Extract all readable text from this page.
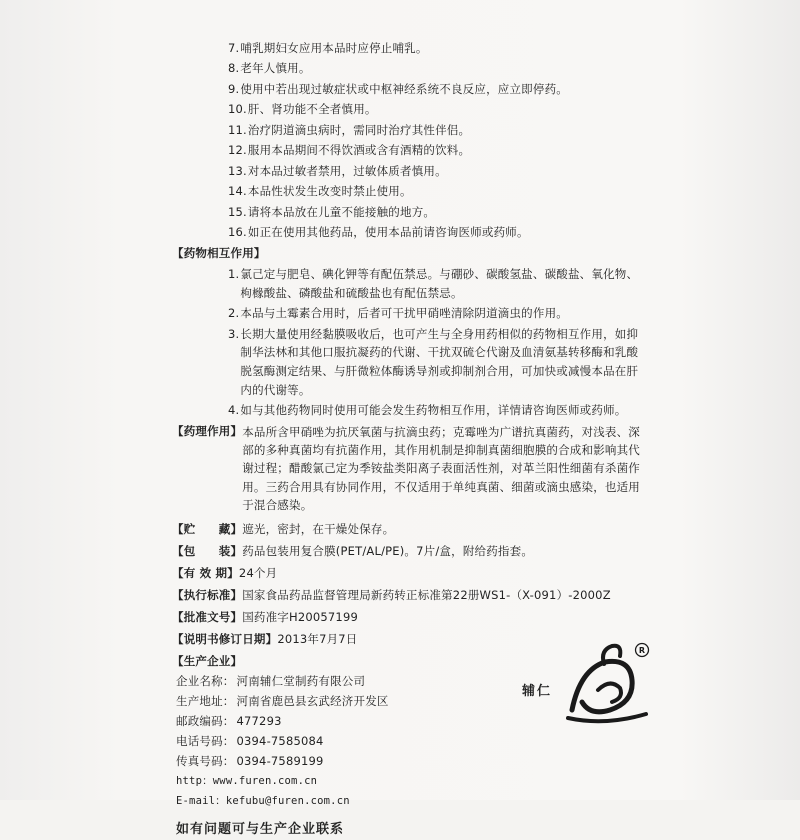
7. 哺乳期妇女应用本品时应停止哺乳。
8. 老年人慎用。
9. 使用中若出现过敏症状或中枢神经系统不良反应，应立即停药。
10. 肝、肾功能不全者慎用。
11. 治疗阴道滴虫病时，需同时治疗其性伴侣。
12. 服用本品期间不得饮酒或含有酒精的饮料。
13. 对本品过敏者禁用，过敏体质者慎用。
14. 本品性状发生改变时禁止使用。
15. 请将本品放在儿童不能接触的地方。
16. 如正在使用其他药品，使用本品前请咨询医师或药师。
【药物相互作用】
1. 氯己定与肥皂、碘化钾等有配伍禁忌。与硼砂、碳酸氢盐、碳酸盐、氧化物、枸橼酸盐、磷酸盐和硫酸盐也有配伍禁忌。
2. 本品与土霉素合用时，后者可干扰甲硝唑清除阴道滴虫的作用。
3. 长期大量使用经黏膜吸收后，也可产生与全身用药相似的药物相互作用，如抑制华法林和其他口服抗凝药的代谢、干扰双硫仑代谢及血清氨基转移酶和乳酸脱氢酶测定结果、与肝微粒体酶诱导剂或抑制剂合用，可加快或减慢本品在肝内的代谢等。
4. 如与其他药物同时使用可能会发生药物相互作用，详情请咨询医师或药师。
【药理作用】 本品所含甲硝唑为抗厌氧菌与抗滴虫药；克霉唑为广谱抗真菌药，对浅表、深部的多种真菌均有抗菌作用，其作用机制是抑制真菌细胞膜的合成和影响其代谢过程；醋酸氯己定为季铵盐类阳离子表面活性剂，对革兰阳性细菌有杀菌作用。三药合用具有协同作用，不仅适用于单纯真菌、细菌或滴虫感染，也适用于混合感染。
【贮　　藏】 遮光，密封，在干燥处保存。
【包　　装】 药品包装用复合膜(PET/AL/PE)。7片/盒，附给药指套。
【有 效 期】 24个月
【执行标准】 国家食品药品监督管理局新药转正标准第22册WS1-（X-091）-2000Z
【批准文号】 国药准字H20057199
【说明书修订日期】 2013年7月7日
【生产企业】
企业名称： 河南辅仁堂制药有限公司
生产地址： 河南省鹿邑县玄武经济开发区
邮政编码： 477293
电话号码： 0394-7585084
传真号码： 0394-7589199
http：www.furen.com.cn
E-mail：kefubu@furen.com.cn
如有问题可与生产企业联系
辅仁
R
